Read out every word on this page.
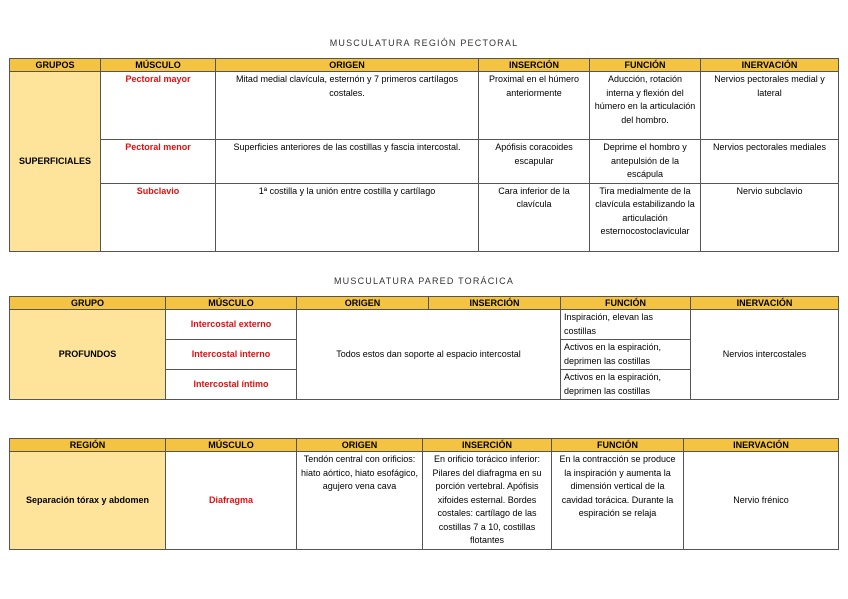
MUSCULATURA REGIÓN PECTORAL
GRUPOS	MÚSCULO	ORIGEN	INSERCIÓN	FUNCIÓN	INERVACIÓN
SUPERFICIALES	Pectoral mayor	Mitad medial clavícula, esternón y 7 primeros cartílagos costales.	Proximal en el húmero anteriormente	Aducción, rotación interna y flexión del húmero en la articulación del hombro.	Nervios pectorales medial y lateral
	Pectoral menor	Superficies anteriores de las costillas y fascia intercostal.	Apófisis coracoides escapular	Deprime el hombro y antepulsión de la escápula	Nervios pectorales mediales
	Subclavio	1ª costilla y la unión entre costilla y cartílago	Cara inferior de la clavícula	Tira medialmente de la clavícula estabilizando la articulación esternocostoclavicular	Nervio subclavio
MUSCULATURA PARED TORÁCICA
GRUPO	MÚSCULO	ORIGEN	INSERCIÓN	FUNCIÓN	INERVACIÓN
PROFUNDOS	Intercostal externo	Todos estos dan soporte al espacio intercostal		Inspiración, elevan las costillas	Nervios intercostales
	Intercostal interno			Activos en la espiración, deprimen las costillas	
	Intercostal íntimo			Activos en la espiración, deprimen las costillas	
REGIÓN	MÚSCULO	ORIGEN	INSERCIÓN	FUNCIÓN	INERVACIÓN
Separación tórax y abdomen	Diafragma	Tendón central con orificios: hiato aórtico, hiato esofágico, agujero vena cava	En orificio torácico inferior: Pilares del diafragma en su porción vertebral. Apófisis xifoides esternal. Bordes costales: cartílago de las costillas 7 a 10, costillas flotantes	En la contracción se produce la inspiración y aumenta la dimensión vertical de la cavidad torácica. Durante la espiración se relaja	Nervio frénico
